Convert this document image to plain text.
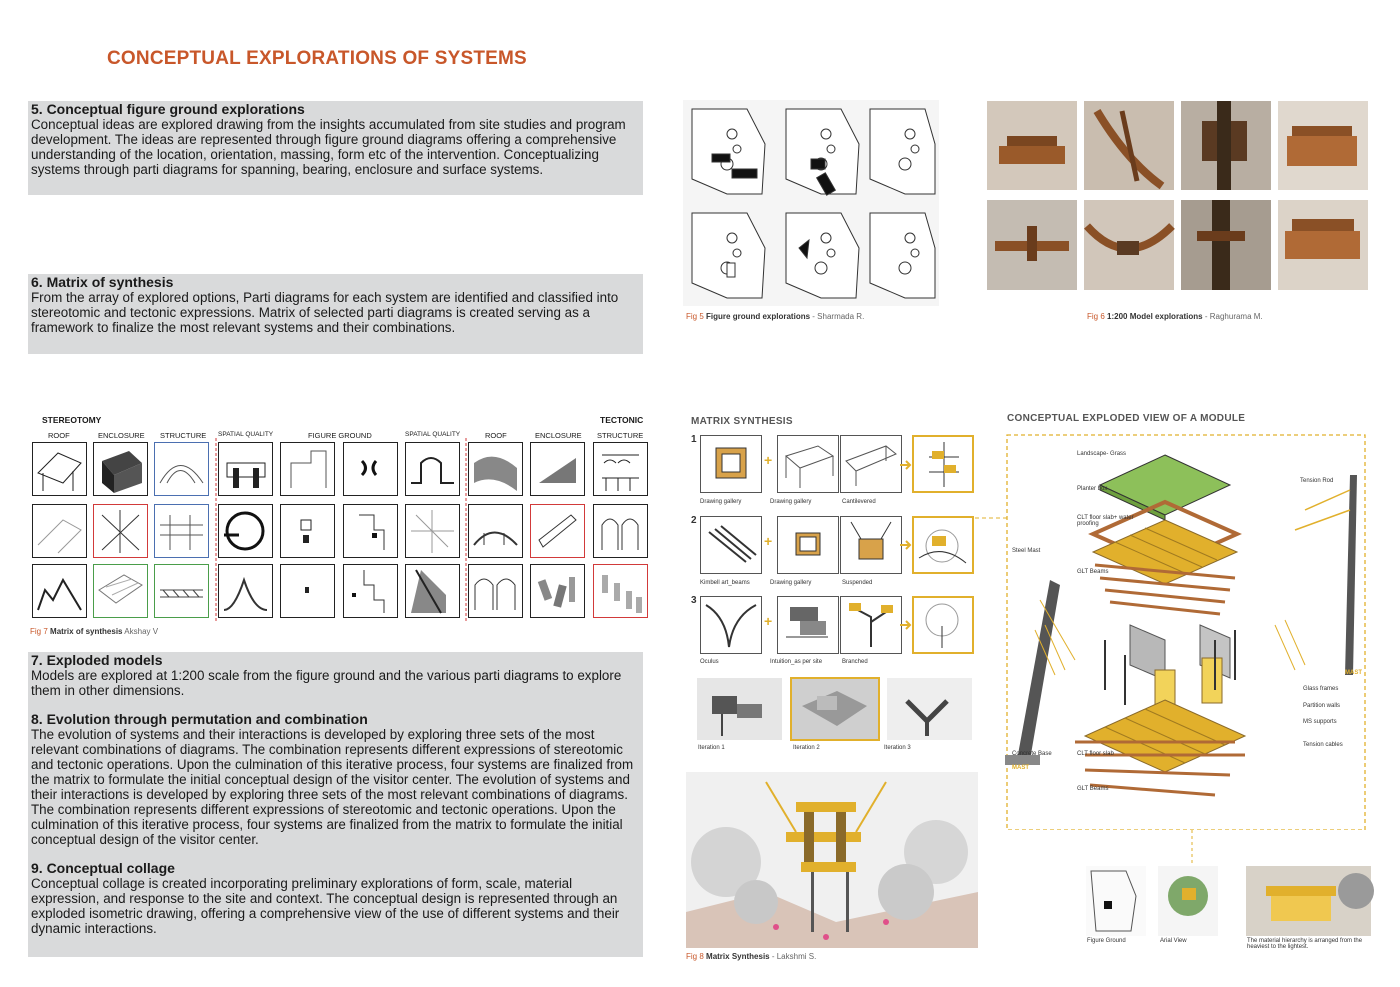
CONCEPTUAL EXPLORATIONS OF SYSTEMS
5. Conceptual figure ground explorations
Conceptual ideas are explored drawing from the insights accumulated from site studies and program development. The ideas are represented through figure ground diagrams offering a comprehensive understanding of the location, orientation, massing, form etc of the intervention. Conceptualizing systems through parti diagrams for spanning, bearing, enclosure and surface systems.
6. Matrix of synthesis
From the array of explored options, Parti diagrams for each system are identified and classified into stereotomic and tectonic expressions. Matrix of selected parti diagrams is created serving as a framework to finalize the most relevant systems and their combinations.
7. Exploded models
Models are explored at 1:200 scale from the figure ground and the various parti diagrams to explore them in other dimensions.
8. Evolution through permutation and combination
The evolution of systems and their interactions is developed by exploring three sets of the most relevant combinations of diagrams. The combination represents different expressions of stereotomic and tectonic operations. Upon the culmination of this iterative process, four systems are finalized from the matrix to formulate the initial conceptual design of the visitor center. The evolution of systems and their interactions is developed by exploring three sets of the most relevant combinations of diagrams. The combination represents different expressions of stereotomic and tectonic operations. Upon the culmination of this iterative process, four systems are finalized from the matrix to formulate the initial conceptual design of the visitor center.
9. Conceptual collage
Conceptual collage is created incorporating preliminary explorations of form, scale, material expression, and response to the site and context. The conceptual design is represented through an exploded isometric drawing, offering a comprehensive view of the use of different systems and their dynamic interactions.
Fig 5 Figure ground explorations - Sharmada R.	Fig 6 1:200 Model explorations - Raghurama M.
STEREOTOMY	TECTONIC
ROOF	ENCLOSURE STRUCTURE SPATIAL QUALITY	FIGURE GROUND	SPATIAL QUALITY	ROOF	ENCLOSURE STRUCTURE
Fig 7 Matrix of synthesis Akshay V
MATRIX SYNTHESIS
1
2
3
+
Drawing gallery	Drawing gallery	Cantilevered
+
Kimbell art_beams	Drawing gallery	Suspended
+
Oculus	Intuition_as per site	Branched
Iteration 1	Iteration 2	Iteration 3
Fig 8 Matrix Synthesis - Lakshmi S.
CONCEPTUAL EXPLODED VIEW OF A MODULE
Landscape- Grass
Planter box
CLT floor slab+ water proofing
GLT Beams
Steel Mast
Tension Rod
MAST
Glass frames
Partition walls
MS supports
Tension cables
Concrete Base
MAST
CLT floor slab
GLT Beams
Figure Ground	Arial View	The material hierarchy is arranged from the heaviest to the lightest.
